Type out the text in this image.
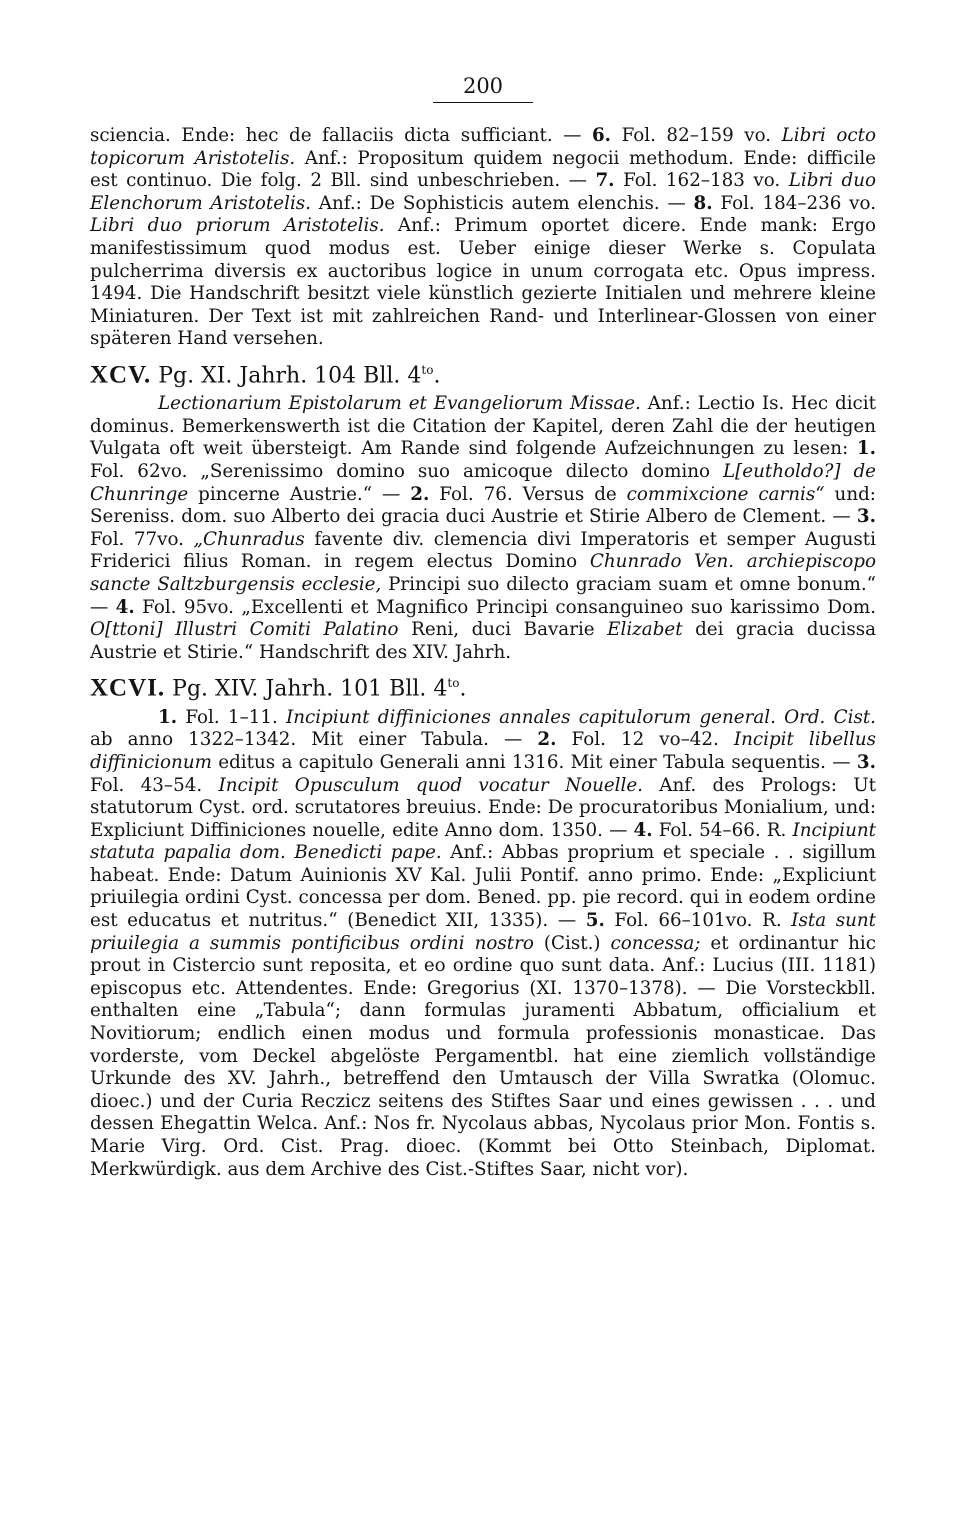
200

sciencia. Ende: hec de fallaciis dicta sufficiant. — 6. Fol. 82–159 vo. Libri octo topicorum Aristotelis. Anf.: Propositum quidem negocii methodum. Ende: difficile est continuo. Die folg. 2 Bll. sind unbeschrieben. — 7. Fol. 162–183 vo. Libri duo Elenchorum Aristotelis. Anf.: De Sophisticis autem elenchis. — 8. Fol. 184–236 vo. Libri duo priorum Aristotelis. Anf.: Primum oportet dicere. Ende mank: Ergo manifestissimum quod modus est. Ueber einige dieser Werke s. Copulata pulcherrima diversis ex auctoribus logice in unum corrogata etc. Opus impress. 1494. Die Handschrift besitzt viele künstlich gezierte Initialen und mehrere kleine Miniaturen. Der Text ist mit zahlreichen Rand- und Interlinear-Glossen von einer späteren Hand versehen.

XCV. Pg. XI. Jahrh. 104 Bll. $4^{to}$.

Lectionarium Epistolarum et Evangeliorum Missae. Anf.: Lectio Is. Hec dicit dominus. Bemerkenswerth ist die Citation der Kapitel, deren Zahl die der heutigen Vulgata oft weit übersteigt. Am Rande sind folgende Aufzeichnungen zu lesen: 1. Fol. 62vo. „Serenissimo domino suo amicoque dilecto domino L[eutholdo?] de Chunringe pincerne Austrie.“ — 2. Fol. 76. Versus de commixcione carnis“ und: Sereniss. dom. suo Alberto dei gracia duci Austrie et Stirie Albero de Clement. — 3. Fol. 77vo. „Chunradus favente div. clemencia divi Imperatoris et semper Augusti Friderici filius Roman. in regem electus Domino Chunrado Ven. archiepiscopo sancte Saltzburgensis ecclesie, Principi suo dilecto graciam suam et omne bonum.“ — 4. Fol. 95vo. „Excellenti et Magnifico Principi consanguineo suo karissimo Dom. O[ttoni] Illustri Comiti Palatino Reni, duci Bavarie Elizabet dei gracia ducissa Austrie et Stirie.“ Handschrift des XIV. Jahrh.

XCVI. Pg. XIV. Jahrh. 101 Bll. $4^{to}$.

1. Fol. 1–11. Incipiunt diffiniciones annales capitulorum general. Ord. Cist. ab anno 1322–1342. Mit einer Tabula. — 2. Fol. 12 vo–42. Incipit libellus diffinicionum editus a capitulo Generali anni 1316. Mit einer Tabula sequentis. — 3. Fol. 43–54. Incipit Opusculum quod vocatur Nouelle. Anf. des Prologs: Ut statutorum Cyst. ord. scrutatores breuius. Ende: De procuratoribus Monialium, und: Expliciunt Diffiniciones nouelle, edite Anno dom. 1350. — 4. Fol. 54–66. R. Incipiunt statuta papalia dom. Benedicti pape. Anf.: Abbas proprium et speciale . . sigillum habeat. Ende: Datum Auinionis XV Kal. Julii Pontif. anno primo. Ende: „Expliciunt priuilegia ordini Cyst. concessa per dom. Bened. pp. pie record. qui in eodem ordine est educatus et nutritus.“ (Benedict XII, 1335). — 5. Fol. 66–101vo. R. Ista sunt priuilegia a summis pontificibus ordini nostro (Cist.) concessa; et ordinantur hic prout in Cistercio sunt reposita, et eo ordine quo sunt data. Anf.: Lucius (III. 1181) episcopus etc. Attendentes. Ende: Gregorius (XI. 1370–1378). — Die Vorsteckbll. enthalten eine „Tabula“; dann formulas juramenti Abbatum, officialium et Novitiorum; endlich einen modus und formula professionis monasticae. Das vorderste, vom Deckel abgelöste Pergamentbl. hat eine ziemlich vollständige Urkunde des XV. Jahrh., betreffend den Umtausch der Villa Swratka (Olomuc. dioec.) und der Curia Reczicz seitens des Stiftes Saar und eines gewissen . . . und dessen Ehegattin Welca. Anf.: Nos fr. Nycolaus abbas, Nycolaus prior Mon. Fontis s. Marie Virg. Ord. Cist. Prag. dioec. (Kommt bei Otto Steinbach, Diplomat. Merkwürdigk. aus dem Archive des Cist.-Stiftes Saar, nicht vor).
